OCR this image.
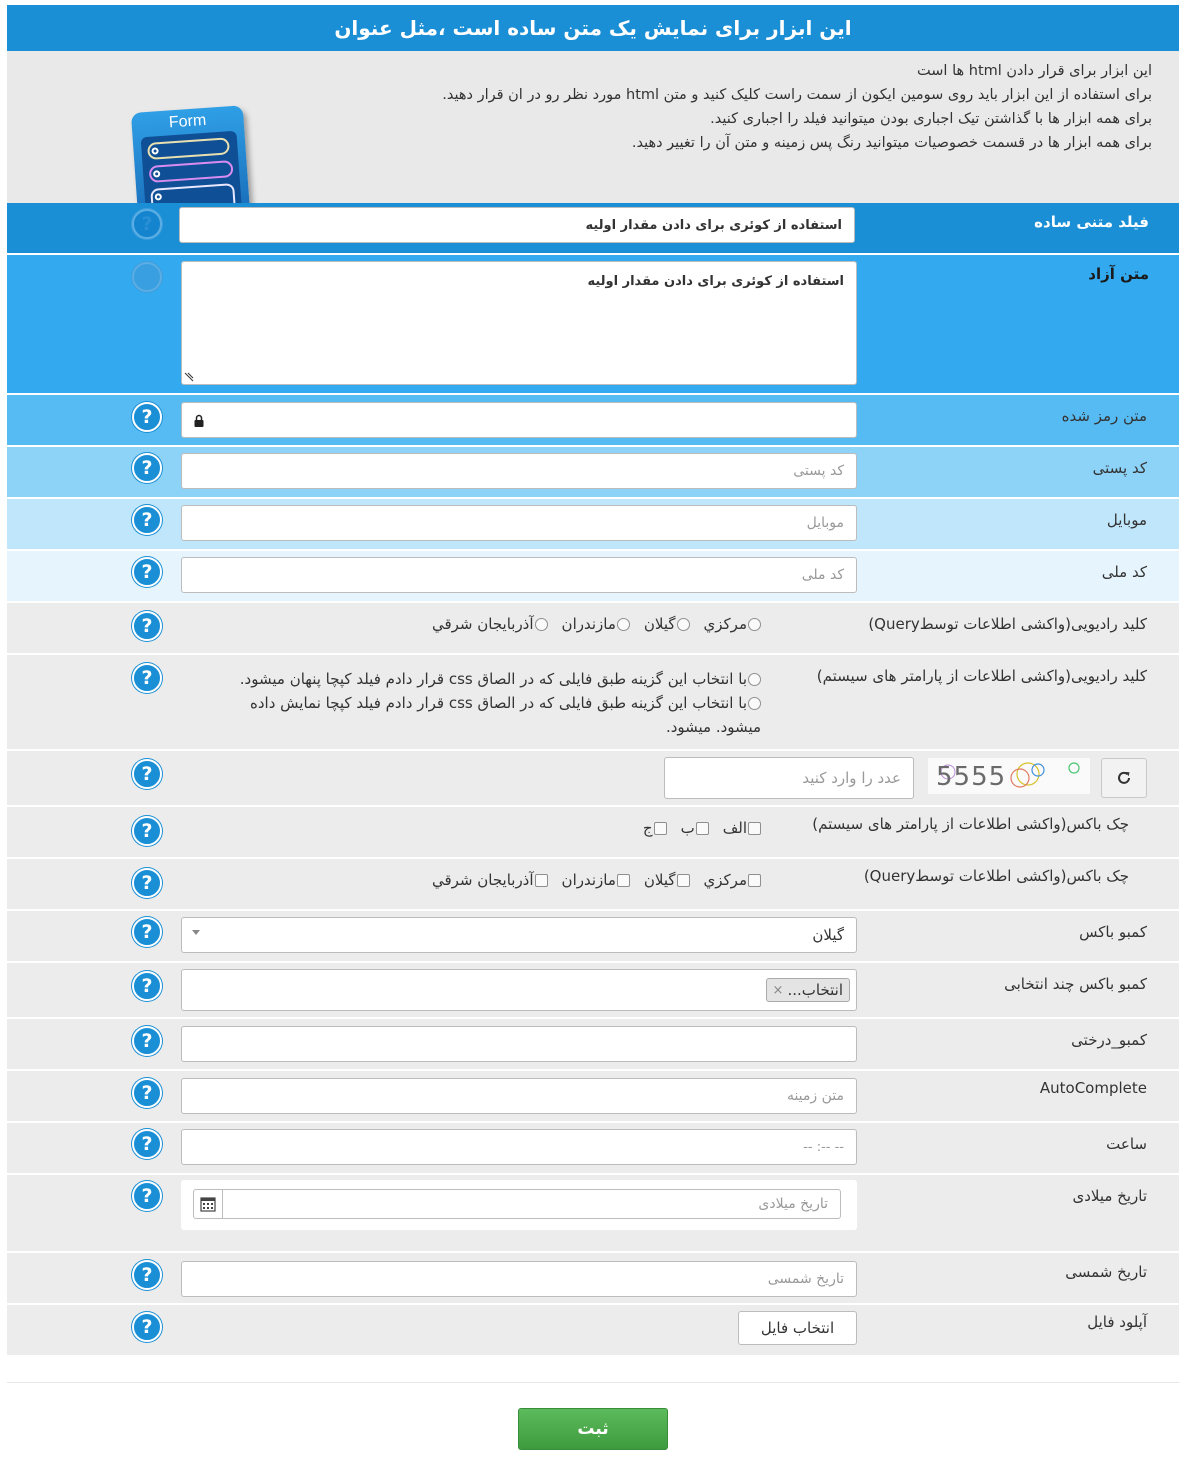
این ابزار برای نمایش یک متن ساده است ،مثل عنوان
این ابزار برای قرار دادن html ها است
برای استفاده از این ابزار باید روی سومین ایکون از سمت راست کلیک کنید و متن html مورد نظر رو در ان قرار دهید.
برای همه ابزار ها با گذاشتن تیک اجباری بودن میتوانید فیلد را اجباری کنید.
برای همه ابزار ها در قسمت خصوصیات میتوانید رنگ پس زمینه و متن آن را تغییر دهید.
Form
فیلد متنی ساده
استفاده از کوئری برای دادن مقدار اولیه
?
متن آزاد
استفاده از کوئری برای دادن مقدار اولیه
?
متن رمز شده
?
کد پستی
کد پستی
?
موبایل
موبایل
?
کد ملی
کد ملی
?
کلید رادیویی(واکشی اطلاعات توسطQuery)
مرکزي
گيلان
مازندران
آذربايجان شرقي
?
کلید رادیویی(واکشی اطلاعات از پارامتر های سیستم)
با انتخاب این گزینه طبق فایلی که در الصاق css قرار دادم فیلد کپچا پنهان میشود.
با انتخاب این گزینه طبق فایلی که در الصاق css قرار دادم فیلد کپچا نمایش داده
میشود. میشود.
?
5555
عدد را وارد کنید
?
چک باکس(واکشی اطلاعات از پارامتر های سیستم)
الف
ب
ج
?
چک باکس(واکشی اطلاعات توسطQuery)
مرکزي
گيلان
مازندران
آذربايجان شرقي
?
کمبو باکس
گیلان
?
کمبو باکس چند انتخابی
انتخاب...
×
?
کمبو_درختی
?
AutoComplete
متن زمینه
?
ساعت
-- :-- --
?
تاریخ میلادی
تاریخ میلادی
?
تاریخ شمسی
تاریخ شمسی
?
آپلود فایل
انتخاب فایل
?
ثبت
